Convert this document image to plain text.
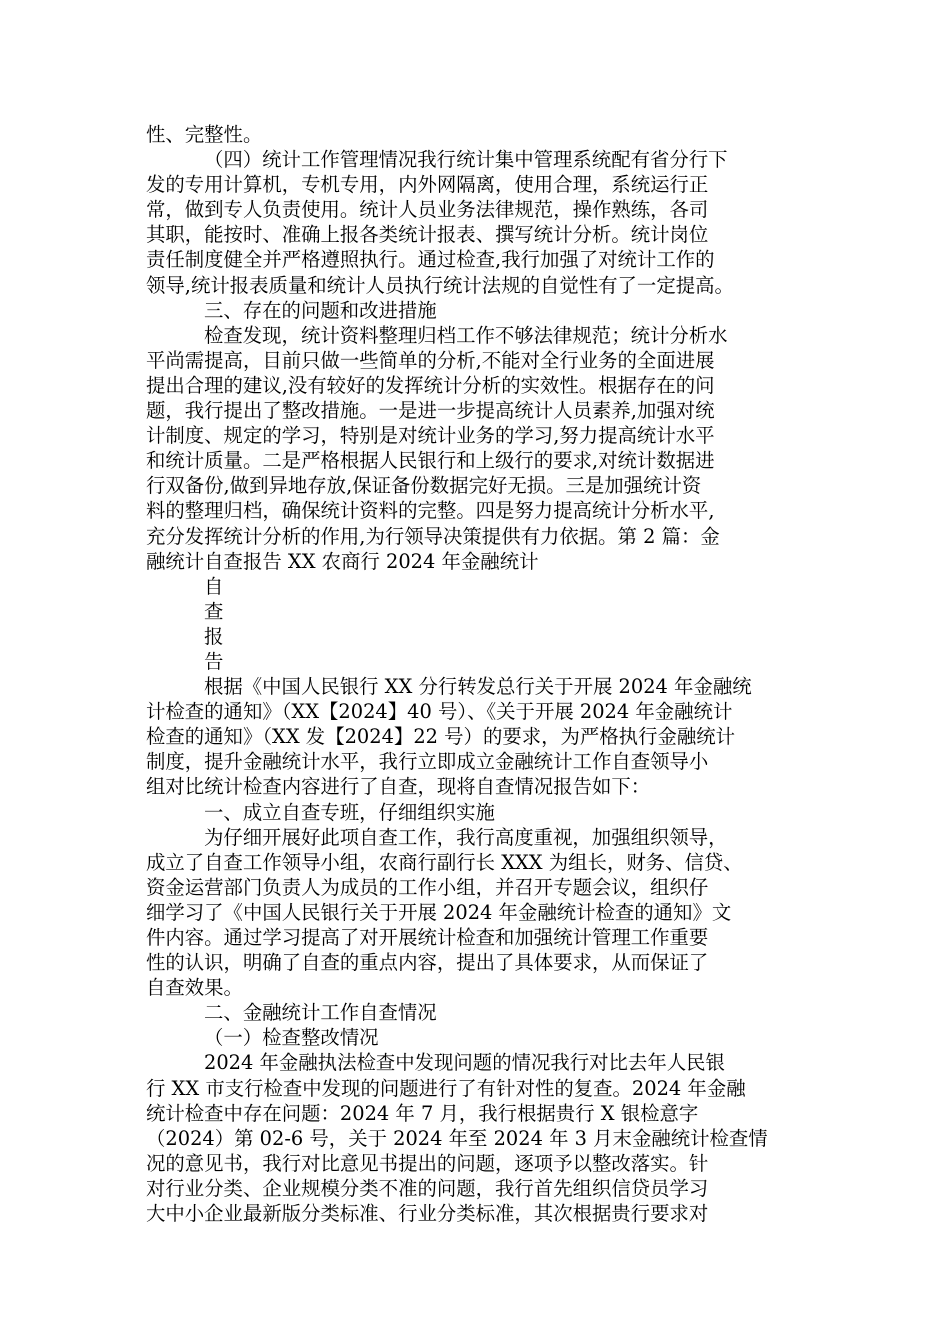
性、完整性。
（四）统计工作管理情况我行统计集中管理系统配有省分行下
发的专用计算机，专机专用，内外网隔离，使用合理，系统运行正
常，做到专人负责使用。统计人员业务法律规范，操作熟练，各司
其职，能按时、准确上报各类统计报表、撰写统计分析。统计岗位
责任制度健全并严格遵照执行。通过检查,我行加强了对统计工作的
领导,统计报表质量和统计人员执行统计法规的自觉性有了一定提高。
三、存在的问题和改进措施
检查发现，统计资料整理归档工作不够法律规范；统计分析水
平尚需提高，目前只做一些简单的分析,不能对全行业务的全面进展
提出合理的建议,没有较好的发挥统计分析的实效性。根据存在的问
题，我行提出了整改措施。一是进一步提高统计人员素养,加强对统
计制度、规定的学习，特别是对统计业务的学习,努力提高统计水平
和统计质量。二是严格根据人民银行和上级行的要求,对统计数据进
行双备份,做到异地存放,保证备份数据完好无损。三是加强统计资
料的整理归档，确保统计资料的完整。四是努力提高统计分析水平,
充分发挥统计分析的作用,为行领导决策提供有力依据。第 2 篇：金
融统计自查报告 XX 农商行 2024 年金融统计
自
查
报
告
根据《中国人民银行 XX 分行转发总行关于开展 2024 年金融统
计检查的通知》（XX【2024】40 号）、《关于开展 2024 年金融统计
检查的通知》（XX 发【2024】22 号）的要求，为严格执行金融统计
制度，提升金融统计水平，我行立即成立金融统计工作自查领导小
组对比统计检查内容进行了自查，现将自查情况报告如下：
一、成立自查专班，仔细组织实施
为仔细开展好此项自查工作，我行高度重视，加强组织领导，
成立了自查工作领导小组，农商行副行长 XXX 为组长，财务、信贷、
资金运营部门负责人为成员的工作小组，并召开专题会议，组织仔
细学习了《中国人民银行关于开展 2024 年金融统计检查的通知》文
件内容。通过学习提高了对开展统计检查和加强统计管理工作重要
性的认识，明确了自查的重点内容，提出了具体要求，从而保证了
自查效果。
二、金融统计工作自查情况
（一）检查整改情况
2024 年金融执法检查中发现问题的情况我行对比去年人民银
行 XX 市支行检查中发现的问题进行了有针对性的复查。2024 年金融
统计检查中存在问题：2024 年 7 月，我行根据贵行 X 银检意字
（2024）第 02-6 号，关于 2024 年至 2024 年 3 月末金融统计检查情
况的意见书，我行对比意见书提出的问题，逐项予以整改落实。针
对行业分类、企业规模分类不准的问题，我行首先组织信贷员学习
大中小企业最新版分类标准、行业分类标准，其次根据贵行要求对
